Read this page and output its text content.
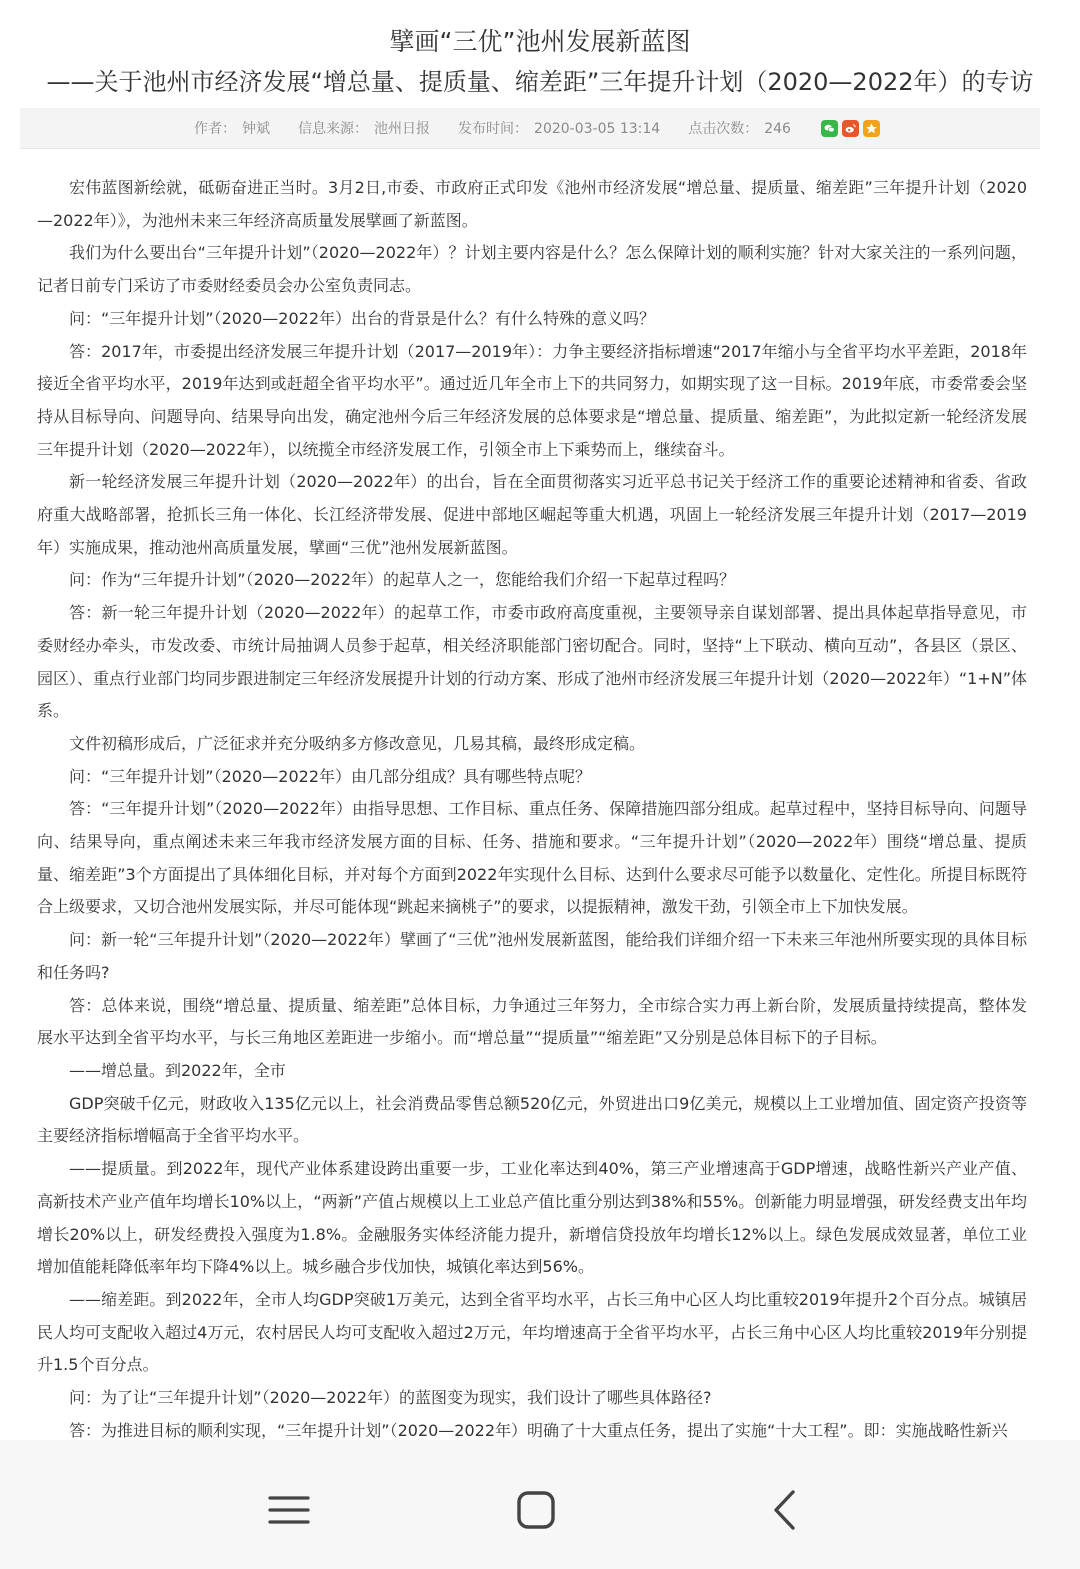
擘画“三优”池州发展新蓝图
——关于池州市经济发展“增总量、提质量、缩差距”三年提升计划（2020—2022年）的专访
作者： 钟斌 信息来源： 池州日报 发布时间： 2020-03-05 13:14 点击次数： 246

宏伟蓝图新绘就，砥砺奋进正当时。3月2日,市委、市政府正式印发《池州市经济发展“增总量、提质量、缩差距”三年提升计划（2020—2022年）》，为池州未来三年经济高质量发展擘画了新蓝图。

我们为什么要出台“三年提升计划”（2020—2022年）？计划主要内容是什么？怎么保障计划的顺利实施？针对大家关注的一系列问题，记者日前专门采访了市委财经委员会办公室负责同志。

问：“三年提升计划”（2020—2022年）出台的背景是什么？有什么特殊的意义吗？

答：2017年，市委提出经济发展三年提升计划（2017—2019年）：力争主要经济指标增速“2017年缩小与全省平均水平差距，2018年接近全省平均水平，2019年达到或赶超全省平均水平”。通过近几年全市上下的共同努力，如期实现了这一目标。2019年底，市委常委会坚持从目标导向、问题导向、结果导向出发，确定池州今后三年经济发展的总体要求是“增总量、提质量、缩差距”，为此拟定新一轮经济发展三年提升计划（2020—2022年），以统揽全市经济发展工作，引领全市上下乘势而上，继续奋斗。

新一轮经济发展三年提升计划（2020—2022年）的出台，旨在全面贯彻落实习近平总书记关于经济工作的重要论述精神和省委、省政府重大战略部署，抢抓长三角一体化、长江经济带发展、促进中部地区崛起等重大机遇，巩固上一轮经济发展三年提升计划（2017—2019年）实施成果，推动池州高质量发展，擘画“三优”池州发展新蓝图。

问：作为“三年提升计划”（2020—2022年）的起草人之一，您能给我们介绍一下起草过程吗？

答：新一轮三年提升计划（2020—2022年）的起草工作，市委市政府高度重视，主要领导亲自谋划部署、提出具体起草指导意见，市委财经办牵头，市发改委、市统计局抽调人员参于起草，相关经济职能部门密切配合。同时，坚持“上下联动、横向互动”，各县区（景区、园区）、重点行业部门均同步跟进制定三年经济发展提升计划的行动方案、形成了池州市经济发展三年提升计划（2020—2022年）“1+N”体系。

文件初稿形成后，广泛征求并充分吸纳多方修改意见，几易其稿，最终形成定稿。

问：“三年提升计划”（2020—2022年）由几部分组成？具有哪些特点呢？

答：“三年提升计划”（2020—2022年）由指导思想、工作目标、重点任务、保障措施四部分组成。起草过程中，坚持目标导向、问题导向、结果导向，重点阐述未来三年我市经济发展方面的目标、任务、措施和要求。“三年提升计划”（2020—2022年）围绕“增总量、提质量、缩差距”3个方面提出了具体细化目标，并对每个方面到2022年实现什么目标、达到什么要求尽可能予以数量化、定性化。所提目标既符合上级要求，又切合池州发展实际，并尽可能体现“跳起来摘桃子”的要求，以提振精神，激发干劲，引领全市上下加快发展。

问：新一轮“三年提升计划”（2020—2022年）擘画了“三优”池州发展新蓝图，能给我们详细介绍一下未来三年池州所要实现的具体目标和任务吗?

答：总体来说，围绕“增总量、提质量、缩差距”总体目标，力争通过三年努力，全市综合实力再上新台阶，发展质量持续提高，整体发展水平达到全省平均水平，与长三角地区差距进一步缩小。而“增总量”“提质量”“缩差距”又分别是总体目标下的子目标。

——增总量。到2022年，全市

GDP突破千亿元，财政收入135亿元以上，社会消费品零售总额520亿元，外贸进出口9亿美元，规模以上工业增加值、固定资产投资等主要经济指标增幅高于全省平均水平。

——提质量。到2022年，现代产业体系建设跨出重要一步，工业化率达到40%，第三产业增速高于GDP增速，战略性新兴产业产值、高新技术产业产值年均增长10%以上，“两新”产值占规模以上工业总产值比重分别达到38%和55%。创新能力明显增强，研发经费支出年均增长20%以上，研发经费投入强度为1.8%。金融服务实体经济能力提升，新增信贷投放年均增长12%以上。绿色发展成效显著，单位工业增加值能耗降低率年均下降4%以上。城乡融合步伐加快，城镇化率达到56%。

——缩差距。到2022年，全市人均GDP突破1万美元，达到全省平均水平，占长三角中心区人均比重较2019年提升2个百分点。城镇居民人均可支配收入超过4万元，农村居民人均可支配收入超过2万元，年均增速高于全省平均水平，占长三角中心区人均比重较2019年分别提升1.5个百分点。

问：为了让“三年提升计划”（2020—2022年）的蓝图变为现实，我们设计了哪些具体路径?

答：为推进目标的顺利实现，“三年提升计划”（2020—2022年）明确了十大重点任务，提出了实施“十大工程”。即：实施战略性新兴
